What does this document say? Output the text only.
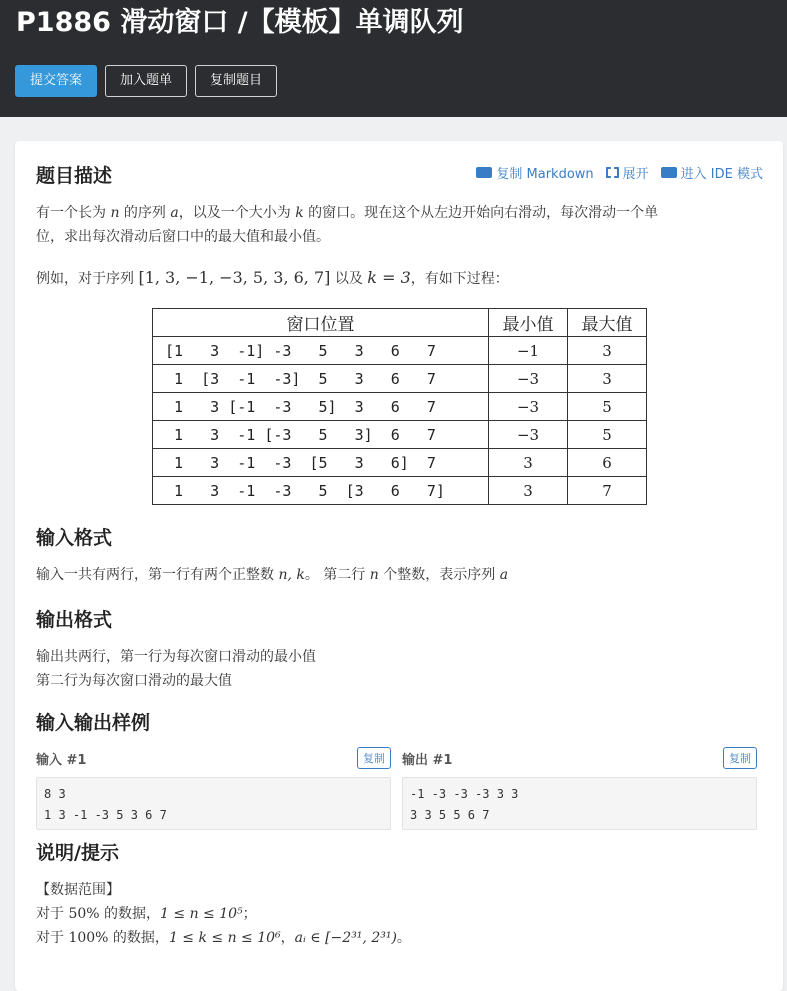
P1886 滑动窗口 /【模板】单调队列
提交答案	加入题单	复制题目
复制 Markdown 展开 进入 IDE 模式
题目描述
有一个长为 n 的序列 a，以及一个大小为 k 的窗口。现在这个从左边开始向右滑动，每次滑动一个单
位，求出每次滑动后窗口中的最大值和最小值。
例如，对于序列 [1, 3, −1, −3, 5, 3, 6, 7] 以及 k = 3，有如下过程：
窗口位置	最小值	最大值
[1   3  -1] -3   5   3   6   7	−1	3
1  [3  -1  -3]  5   3   6   7	−3	3
1   3 [-1  -3   5]  3   6   7	−3	5
1   3  -1 [-3   5   3]  6   7	−3	5
1   3  -1  -3  [5   3   6]  7	3	6
1   3  -1  -3   5  [3   6   7]	3	7
输入格式
输入一共有两行，第一行有两个正整数 n, k。 第二行 n 个整数，表示序列 a
输出格式
输出共两行，第一行为每次窗口滑动的最小值
第二行为每次窗口滑动的最大值
输入输出样例
输入 #1	复制
8 3
1 3 -1 -3 5 3 6 7
输出 #1	复制
-1 -3 -3 -3 3 3
3 3 5 5 6 7
说明/提示
【数据范围】
对于 50% 的数据，1 ≤ n ≤ 10⁵；
对于 100% 的数据，1 ≤ k ≤ n ≤ 10⁶，aᵢ ∈ [−2³¹, 2³¹)。
